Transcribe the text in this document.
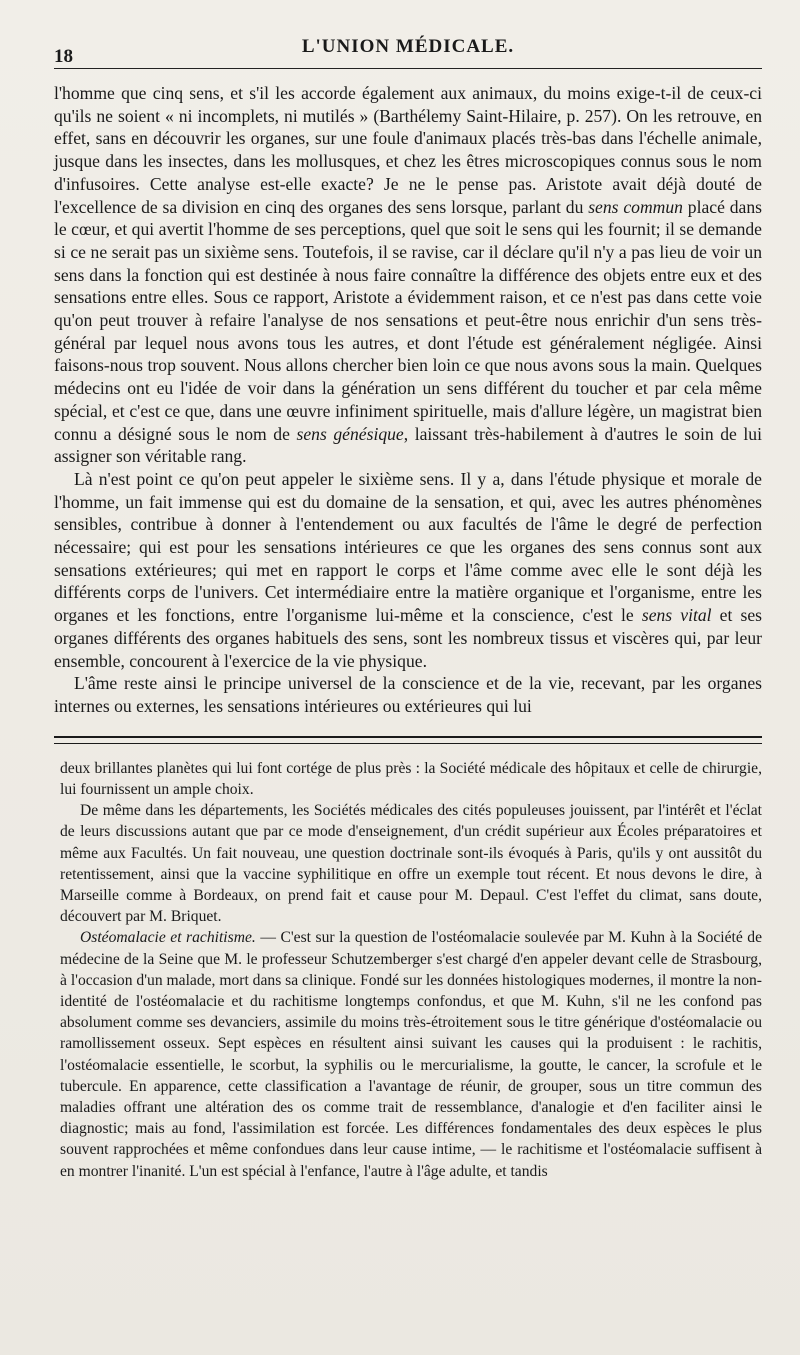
18	L'UNION MÉDICALE.

l'homme que cinq sens, et s'il les accorde également aux animaux, du moins exige-t-il de ceux-ci qu'ils ne soient « ni incomplets, ni mutilés » (Barthélemy Saint-Hilaire, p. 257). On les retrouve, en effet, sans en découvrir les organes, sur une foule d'animaux placés très-bas dans l'échelle animale, jusque dans les insectes, dans les mollusques, et chez les êtres microscopiques connus sous le nom d'infusoires. Cette analyse est-elle exacte? Je ne le pense pas. Aristote avait déjà douté de l'excellence de sa division en cinq des organes des sens lorsque, parlant du sens commun placé dans le cœur, et qui avertit l'homme de ses perceptions, quel que soit le sens qui les fournit; il se demande si ce ne serait pas un sixième sens. Toutefois, il se ravise, car il déclare qu'il n'y a pas lieu de voir un sens dans la fonction qui est destinée à nous faire connaître la différence des objets entre eux et des sensations entre elles. Sous ce rapport, Aristote a évidemment raison, et ce n'est pas dans cette voie qu'on peut trouver à refaire l'analyse de nos sensations et peut-être nous enrichir d'un sens très-général par lequel nous avons tous les autres, et dont l'étude est généralement négligée. Ainsi faisons-nous trop souvent. Nous allons chercher bien loin ce que nous avons sous la main. Quelques médecins ont eu l'idée de voir dans la génération un sens différent du toucher et par cela même spécial, et c'est ce que, dans une œuvre infiniment spirituelle, mais d'allure légère, un magistrat bien connu a désigné sous le nom de sens génésique, laissant très-habilement à d'autres le soin de lui assigner son véritable rang.

Là n'est point ce qu'on peut appeler le sixième sens. Il y a, dans l'étude physique et morale de l'homme, un fait immense qui est du domaine de la sensation, et qui, avec les autres phénomènes sensibles, contribue à donner à l'entendement ou aux facultés de l'âme le degré de perfection nécessaire; qui est pour les sensations intérieures ce que les organes des sens connus sont aux sensations extérieures; qui met en rapport le corps et l'âme comme avec elle le sont déjà les différents corps de l'univers. Cet intermédiaire entre la matière organique et l'organisme, entre les organes et les fonctions, entre l'organisme lui-même et la conscience, c'est le sens vital et ses organes différents des organes habituels des sens, sont les nombreux tissus et viscères qui, par leur ensemble, concourent à l'exercice de la vie physique.

L'âme reste ainsi le principe universel de la conscience et de la vie, recevant, par les organes internes ou externes, les sensations intérieures ou extérieures qui lui

deux brillantes planètes qui lui font cortége de plus près : la Société médicale des hôpitaux et celle de chirurgie, lui fournissent un ample choix.

De même dans les départements, les Sociétés médicales des cités populeuses jouissent, par l'intérêt et l'éclat de leurs discussions autant que par ce mode d'enseignement, d'un crédit supérieur aux Écoles préparatoires et même aux Facultés. Un fait nouveau, une question doctrinale sont-ils évoqués à Paris, qu'ils y ont aussitôt du retentissement, ainsi que la vaccine syphilitique en offre un exemple tout récent. Et nous devons le dire, à Marseille comme à Bordeaux, on prend fait et cause pour M. Depaul. C'est l'effet du climat, sans doute, découvert par M. Briquet.

Ostéomalacie et rachitisme. — C'est sur la question de l'ostéomalacie soulevée par M. Kuhn à la Société de médecine de la Seine que M. le professeur Schutzemberger s'est chargé d'en appeler devant celle de Strasbourg, à l'occasion d'un malade, mort dans sa clinique. Fondé sur les données histologiques modernes, il montre la non-identité de l'ostéomalacie et du rachitisme longtemps confondus, et que M. Kuhn, s'il ne les confond pas absolument comme ses devanciers, assimile du moins très-étroitement sous le titre générique d'ostéomalacie ou ramollissement osseux. Sept espèces en résultent ainsi suivant les causes qui la produisent : le rachitis, l'ostéomalacie essentielle, le scorbut, la syphilis ou le mercurialisme, la goutte, le cancer, la scrofule et le tubercule. En apparence, cette classification a l'avantage de réunir, de grouper, sous un titre commun des maladies offrant une altération des os comme trait de ressemblance, d'analogie et d'en faciliter ainsi le diagnostic; mais au fond, l'assimilation est forcée. Les différences fondamentales des deux espèces le plus souvent rapprochées et même confondues dans leur cause intime, — le rachitisme et l'ostéomalacie suffisent à en montrer l'inanité. L'un est spécial à l'enfance, l'autre à l'âge adulte, et tandis
